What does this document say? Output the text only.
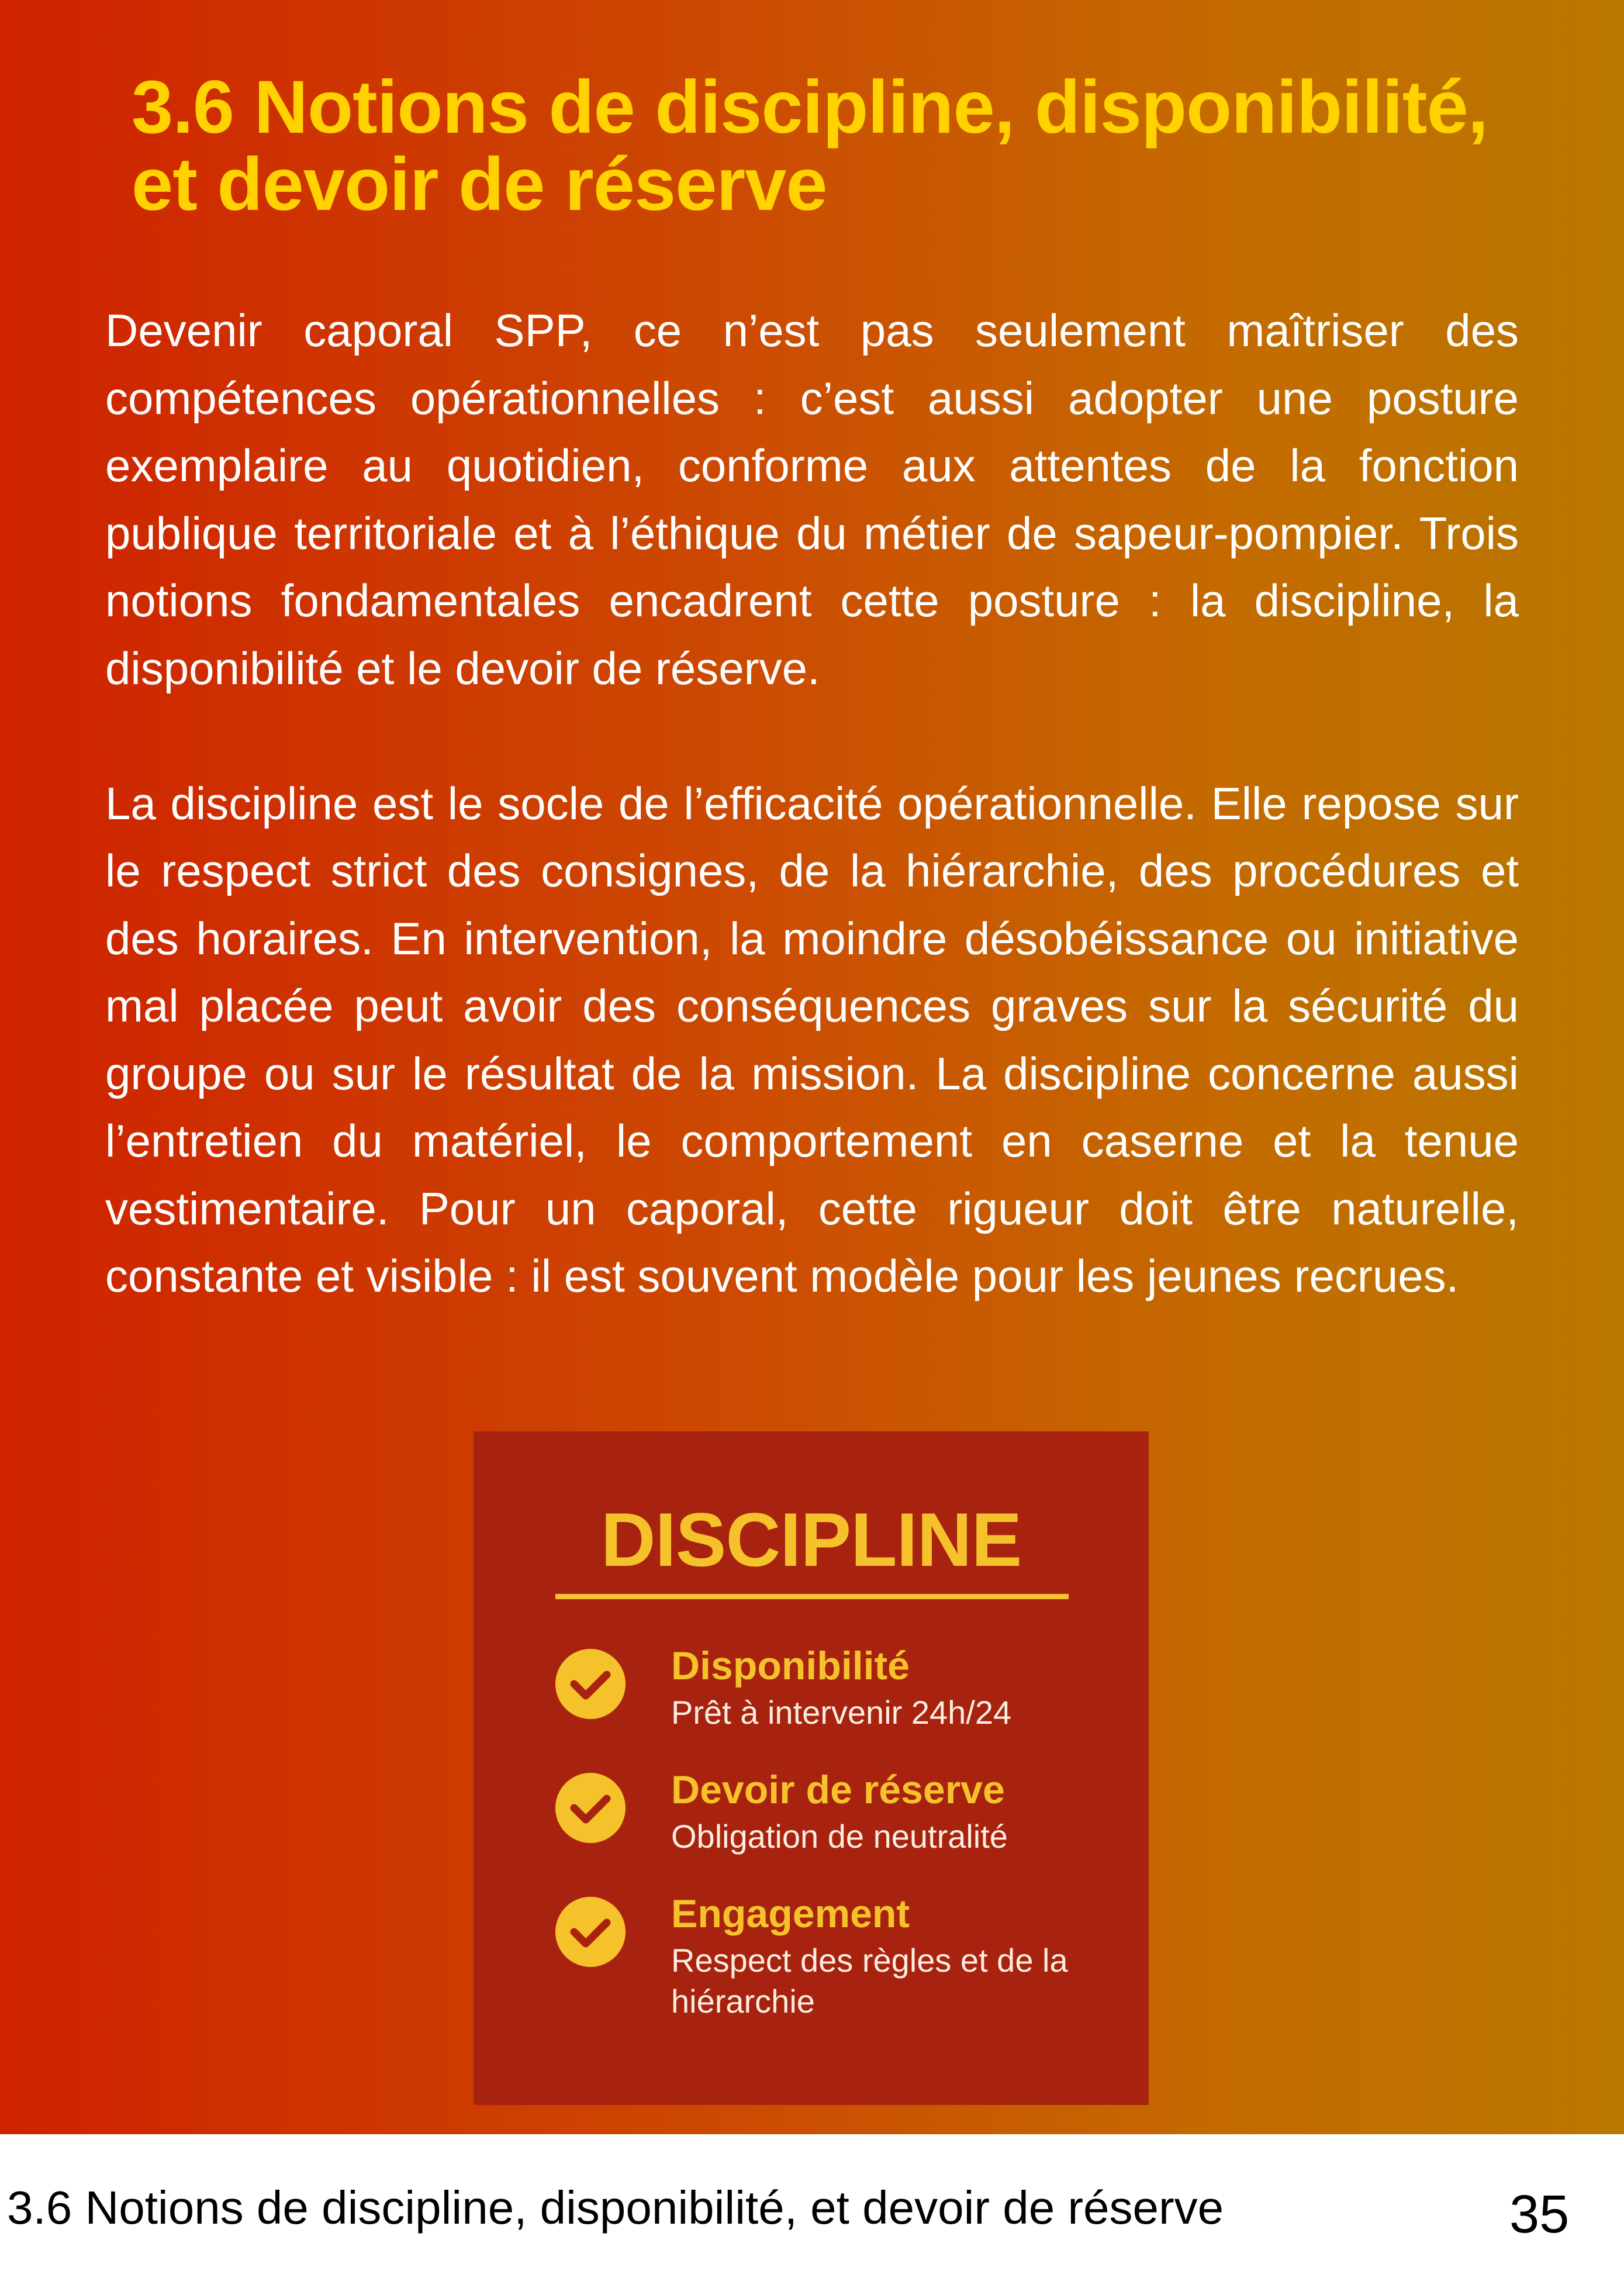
3.6 Notions de discipline, disponibilité, et devoir de réserve

Devenir caporal SPP, ce n’est pas seulement maîtriser des compétences opérationnelles : c’est aussi adopter une posture exemplaire au quotidien, conforme aux attentes de la fonction publique territoriale et à l’éthique du métier de sapeur-pompier. Trois notions fondamentales encadrent cette posture : la discipline, la disponibilité et le devoir de réserve.

La discipline est le socle de l’efficacité opérationnelle. Elle repose sur le respect strict des consignes, de la hiérarchie, des procédures et des horaires. En intervention, la moindre désobéissance ou initiative mal placée peut avoir des conséquences graves sur la sécurité du groupe ou sur le résultat de la mission. La discipline concerne aussi l’entretien du matériel, le comportement en caserne et la tenue vestimentaire. Pour un caporal, cette rigueur doit être naturelle, constante et visible : il est souvent modèle pour les jeunes recrues.

DISCIPLINE
Disponibilité
Prêt à intervenir 24h/24
Devoir de réserve
Obligation de neutralité
Engagement
Respect des règles et de la hiérarchie
3.6 Notions de discipline, disponibilité, et devoir de réserve	35
